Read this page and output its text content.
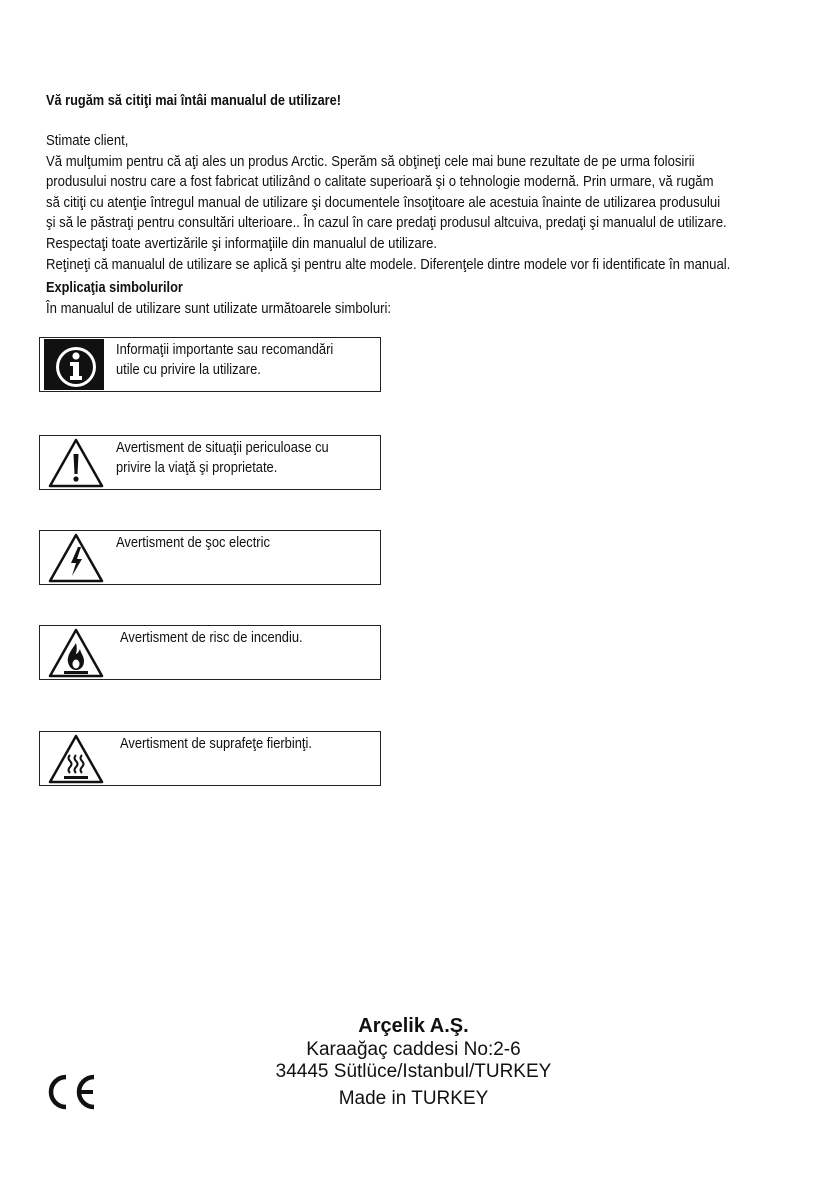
Vă rugăm să citiţi mai întâi manualul de utilizare!

Stimate client,

Vă mulţumim pentru că aţi ales un produs Arctic. Sperăm să obţineţi cele mai bune rezultate de pe urma folosirii

produsului nostru care a fost fabricat utilizând o calitate superioară şi o tehnologie modernă. Prin urmare, vă rugăm

să citiţi cu atenţie întregul manual de utilizare şi documentele însoţitoare ale acestuia înainte de utilizarea produsului

şi să le păstraţi pentru consultări ulterioare.. În cazul în care predaţi produsul altcuiva, predaţi şi manualul de utilizare.

Respectaţi toate avertizările şi informaţiile din manualul de utilizare.

Reţineţi că manualul de utilizare se aplică şi pentru alte modele. Diferenţele dintre modele vor fi identificate în manual.

Explicaţia simbolurilor
În manualul de utilizare sunt utilizate următoarele simboluri:
Informaţii importante sau recomandări
utile cu privire la utilizare.
Avertisment de situaţii periculoase cu
privire la viaţă şi proprietate.
Avertisment de şoc electric
Avertisment de risc de incendiu.
Avertisment de suprafeţe fierbinţi.
Arçelik A.Ş.
Karaağaç caddesi No:2-6
34445 Sütlüce/Istanbul/TURKEY
Made in TURKEY
